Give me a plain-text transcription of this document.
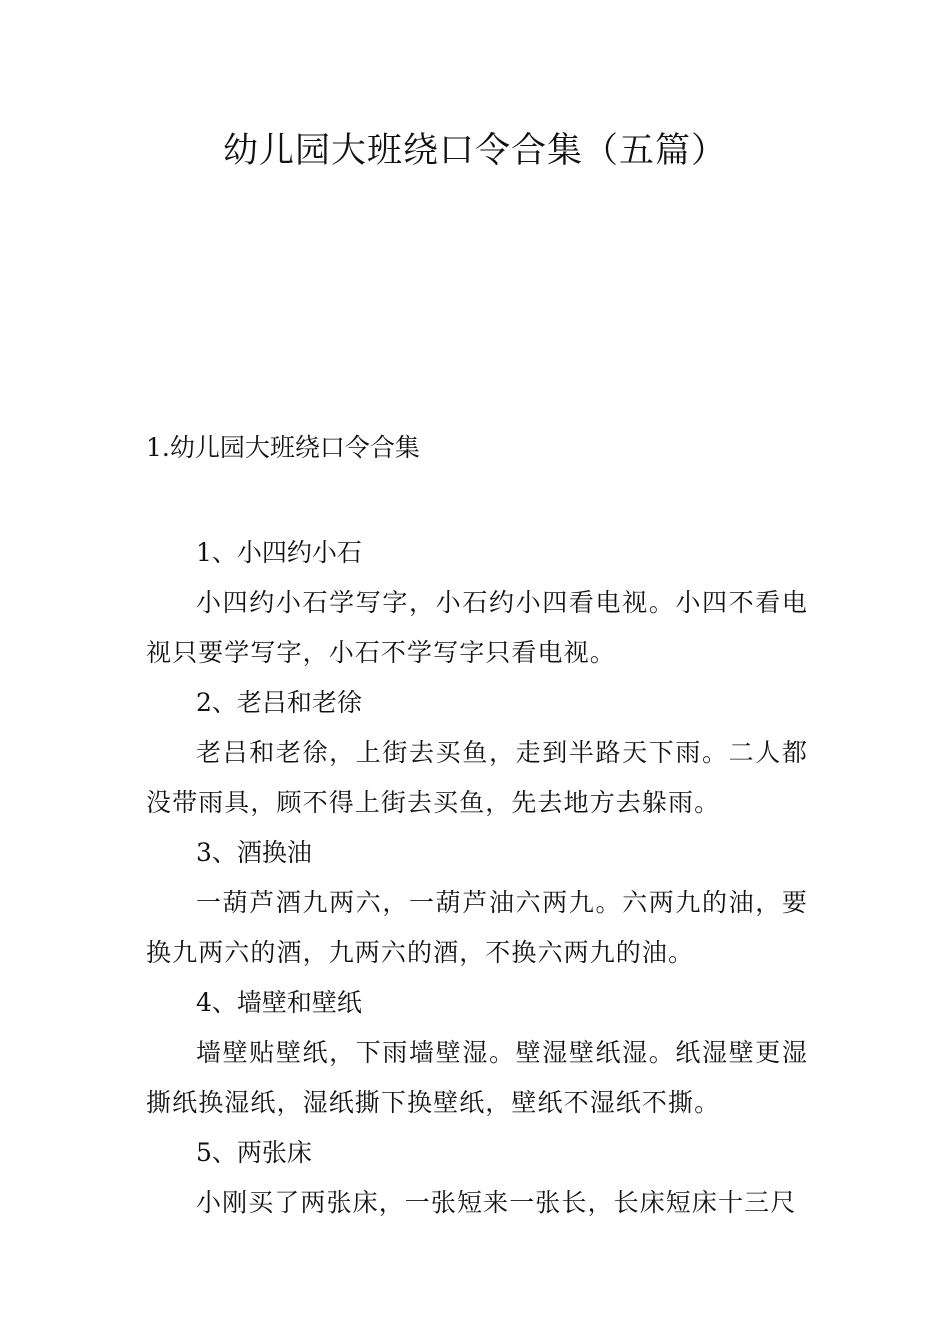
幼儿园大班绕口令合集（五篇）
1.幼儿园大班绕口令合集

1、小四约小石

小四约小石学写字，小石约小四看电视。小四不看电视只要学写字，小石不学写字只看电视。

2、老吕和老徐

老吕和老徐，上街去买鱼，走到半路天下雨。二人都没带雨具，顾不得上街去买鱼，先去地方去躲雨。

3、酒换油

一葫芦酒九两六，一葫芦油六两九。六两九的油，要换九两六的酒，九两六的酒，不换六两九的油。

4、墙壁和壁纸

墙壁贴壁纸，下雨墙壁湿。壁湿壁纸湿。纸湿壁更湿撕纸换湿纸，湿纸撕下换壁纸，壁纸不湿纸不撕。

5、两张床

小刚买了两张床，一张短来一张长，长床短床十三尺
